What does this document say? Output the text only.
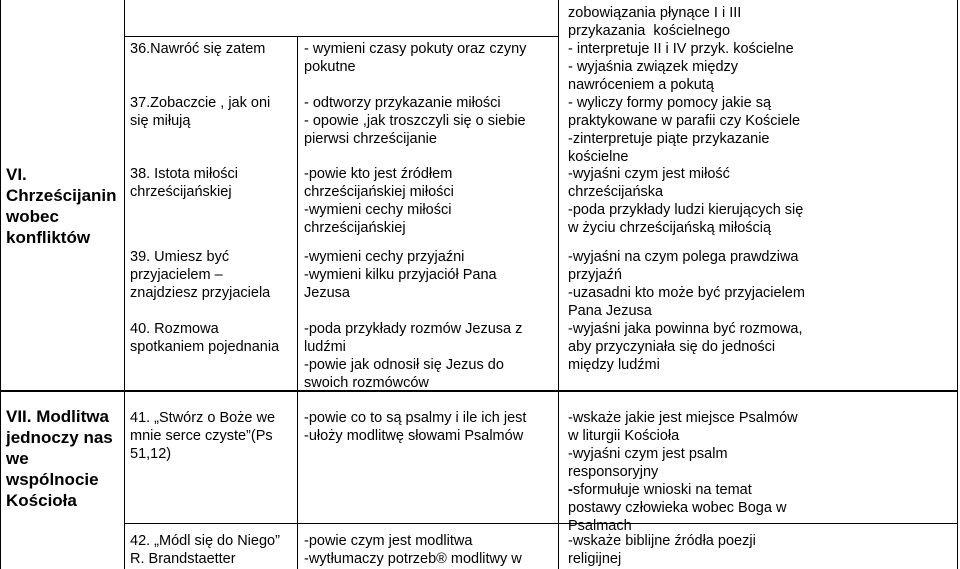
VI.
Chrześcijanin
wobec
konfliktów
zobowiązania płynące I i III
przykazania  kościelnego
- interpretuje II i IV przyk. kościelne
- wyjaśnia związek między
nawróceniem a pokutą
36.Nawróć się zatem	- wymieni czasy pokuty oraz czyny
pokutne
37.Zobaczcie , jak oni
się miłują
- odtworzy przykazanie miłości
- opowie ,jak troszczyli się o siebie
pierwsi chrześcijanie
- wyliczy formy pomocy jakie są
praktykowane w parafii czy Kościele
-zinterpretuje piąte przykazanie
kościelne
38. Istota miłości
chrześcijańskiej
-powie kto jest źródłem
chrześcijańskiej miłości
-wymieni cechy miłości
chrześcijańskiej
-wyjaśni czym jest miłość
chrześcijańska
-poda przykłady ludzi kierujących się
w życiu chrześcijańską miłością
39. Umiesz być
przyjacielem –
znajdziesz przyjaciela
-wymieni cechy przyjaźni
-wymieni kilku przyjaciół Pana
Jezusa
-wyjaśni na czym polega prawdziwa
przyjaźń
-uzasadni kto może być przyjacielem
Pana Jezusa
40. Rozmowa
spotkaniem pojednania
-poda przykłady rozmów Jezusa z
ludźmi
-powie jak odnosił się Jezus do
swoich rozmówców
-wyjaśni jaka powinna być rozmowa,
aby przyczyniała się do jedności
między ludźmi
VII. Modlitwa
jednoczy nas
we
wspólnocie
Kościoła
41. „Stwórz o Boże we
mnie serce czyste”(Ps
51,12)
-powie co to są psalmy i ile ich jest
-ułoży modlitwę słowami Psalmów
-wskaże jakie jest miejsce Psalmów
w liturgii Kościoła
-wyjaśni czym jest psalm
responsoryjny
-sformułuje wnioski na temat
postawy człowieka wobec Boga w
Psalmach
42. „Módl się do Niego”
R. Brandstaetter
-powie czym jest modlitwa
-wytłumaczy potrzeb® modlitwy w
-wskaże biblijne źródła poezji
religijnej
